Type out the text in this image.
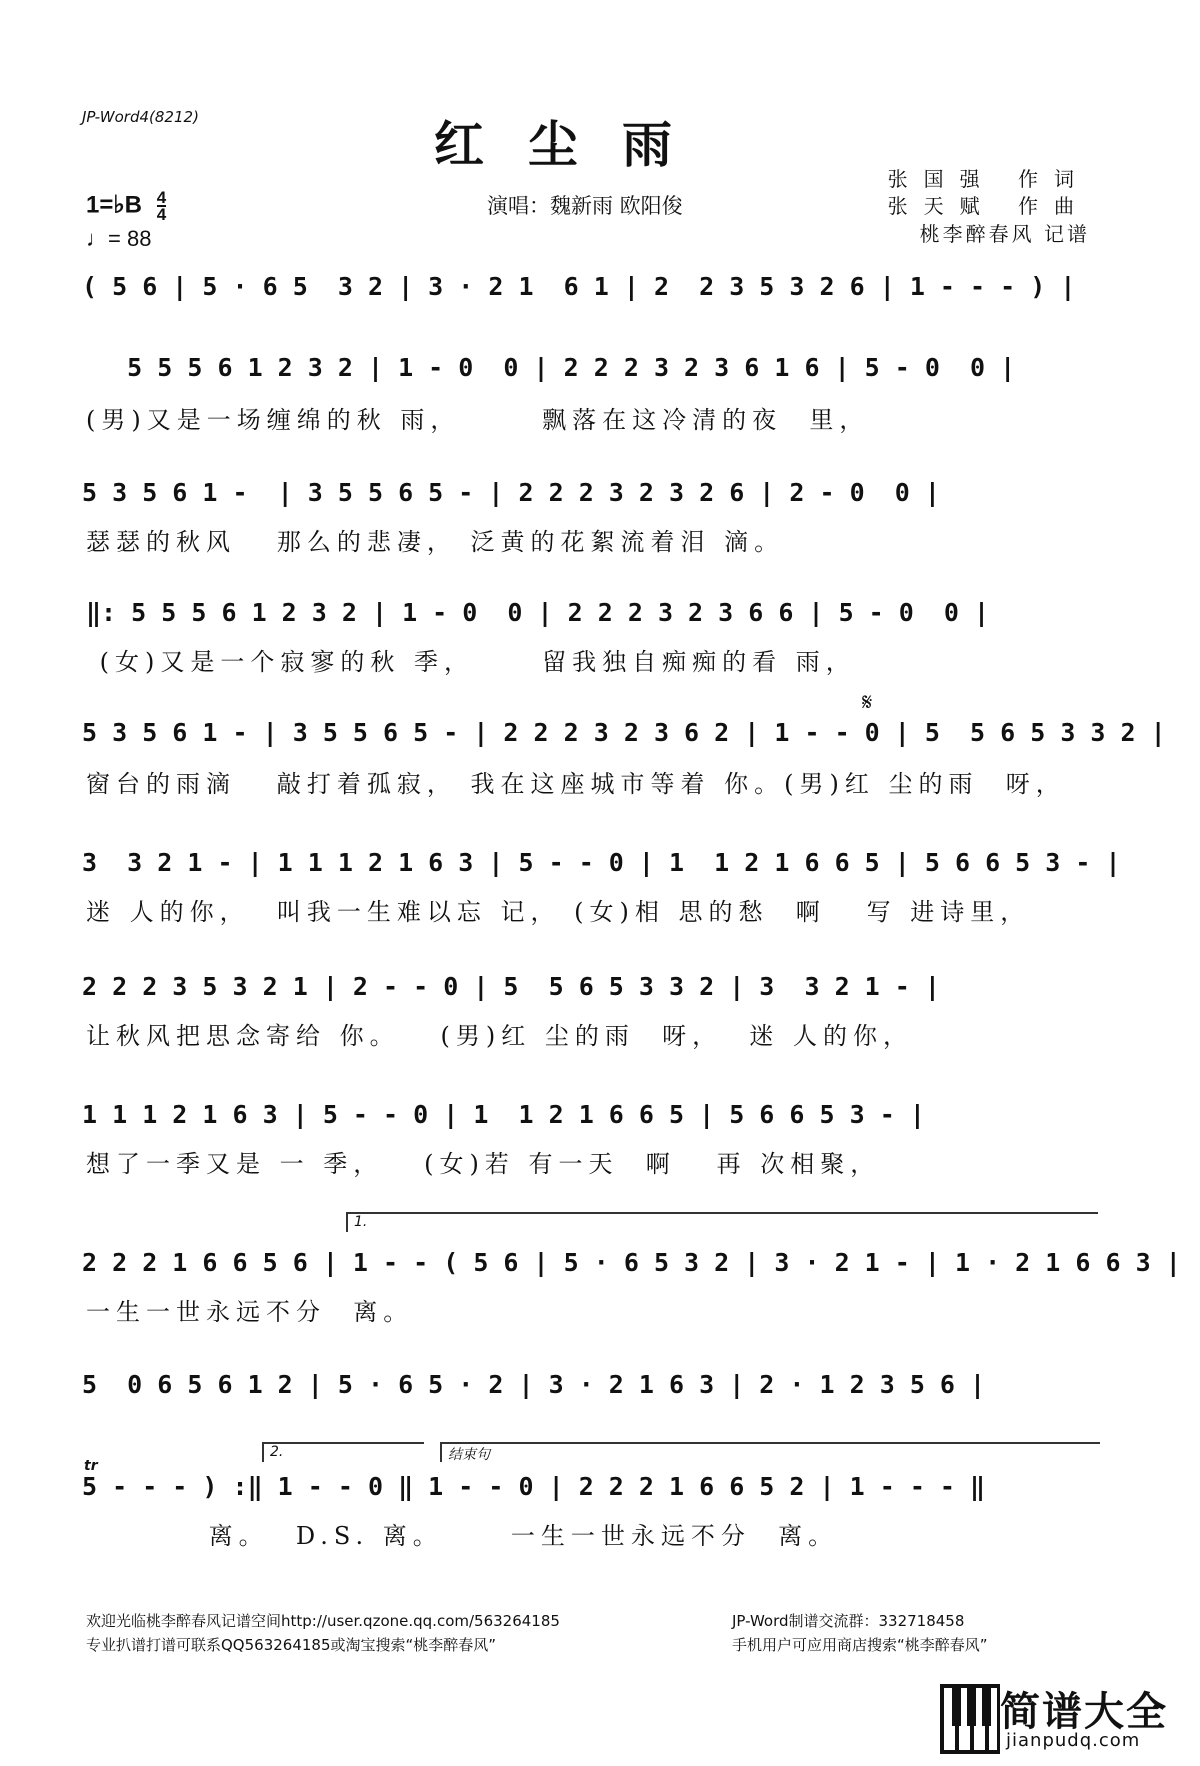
JP-Word4(8212)	红尘雨
1=♭B $\frac{4}{4}$
♩= 88
演唱：魏新雨 欧阳俊
张国强 作词
张天赋 作曲
桃李醉春风 记谱
( 5 6 | 5 · 6 5  3 2 | 3 · 2 1  6 1 | 2  2 3 5 3 2 6 | 1 - - - ) |
5 5 5 6 1 2 3 2 | 1 - 0  0 | 2 2 2 3 2 3 6 1 6 | 5 - 0  0 |
(男)又是一场缠绵的秋 雨，      飘落在这冷清的夜  里，
5 3 5 6 1 -  | 3 5 5 6 5 - | 2 2 2 3 2 3 2 6 | 2 - 0  0 |
瑟瑟的秋风   那么的悲凄， 泛黄的花絮流着泪 滴。
‖: 5 5 5 6 1 2 3 2 | 1 - 0  0 | 2 2 2 3 2 3 6 6 | 5 - 0  0 |
(女)又是一个寂寥的秋 季，     留我独自痴痴的看 雨，
𝄋
5 3 5 6 1 - | 3 5 5 6 5 - | 2 2 2 3 2 3 6 2 | 1 - - 0 | 5  5 6 5 3 3 2 |
窗台的雨滴   敲打着孤寂， 我在这座城市等着 你。(男)红 尘的雨  呀，
3  3 2 1 - | 1 1 1 2 1 6 3 | 5 - - 0 | 1  1 2 1 6 6 5 | 5 6 6 5 3 - |
迷 人的你，  叫我一生难以忘 记， (女)相 思的愁  啊   写 进诗里，
2 2 2 3 5 3 2 1 | 2 - - 0 | 5  5 6 5 3 3 2 | 3  3 2 1 - |
让秋风把思念寄给 你。   (男)红 尘的雨  呀，  迷 人的你，
1 1 1 2 1 6 3 | 5 - - 0 | 1  1 2 1 6 6 5 | 5 6 6 5 3 - |
想了一季又是 一 季，   (女)若 有一天  啊   再 次相聚，
1.
2 2 2 1 6 6 5 6 | 1 - - ( 5 6 | 5 · 6 5 3 2 | 3 · 2 1 - | 1 · 2 1 6 6 3 |
一生一世永远不分  离。
5  0 6 5 6 1 2 | 5 · 6 5 · 2 | 3 · 2 1 6 3 | 2 · 1 2 3 5 6 |
tr
2.	结束句
5 - - - ) :‖ 1 - - 0 ‖ 1 - - 0 | 2 2 2 1 6 6 5 2 | 1 - - - ‖
离。  D.S. 离。     一生一世永远不分  离。
欢迎光临桃李醉春风记谱空间http://user.qzone.qq.com/563264185
专业扒谱打谱可联系QQ563264185或淘宝搜索“桃李醉春风”
JP-Word制谱交流群：332718458
手机用户可应用商店搜索“桃李醉春风”
简谱大全
jianpudq.com
